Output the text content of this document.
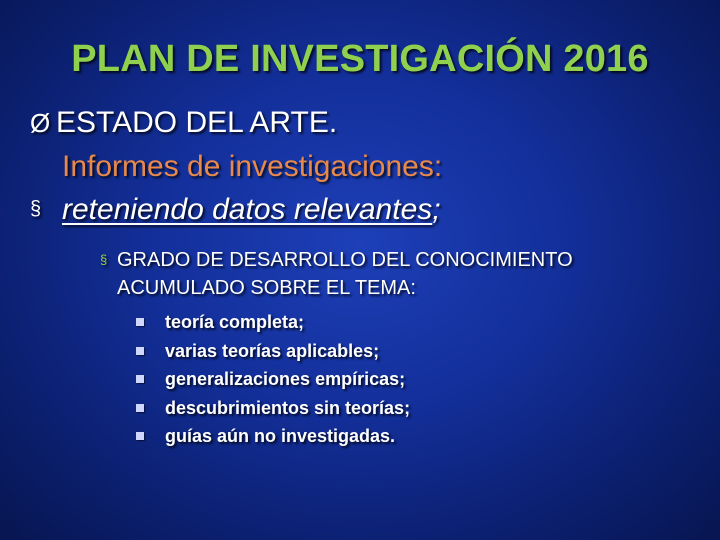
PLAN DE INVESTIGACIÓN 2016
Ø ESTADO DEL ARTE.
Informes de investigaciones:
§ reteniendo datos relevantes;
§ GRADO DE DESARROLLO DEL CONOCIMIENTO
ACUMULADO SOBRE EL TEMA:
teoría completa;
varias teorías aplicables;
generalizaciones empíricas;
descubrimientos sin teorías;
guías aún no investigadas.
